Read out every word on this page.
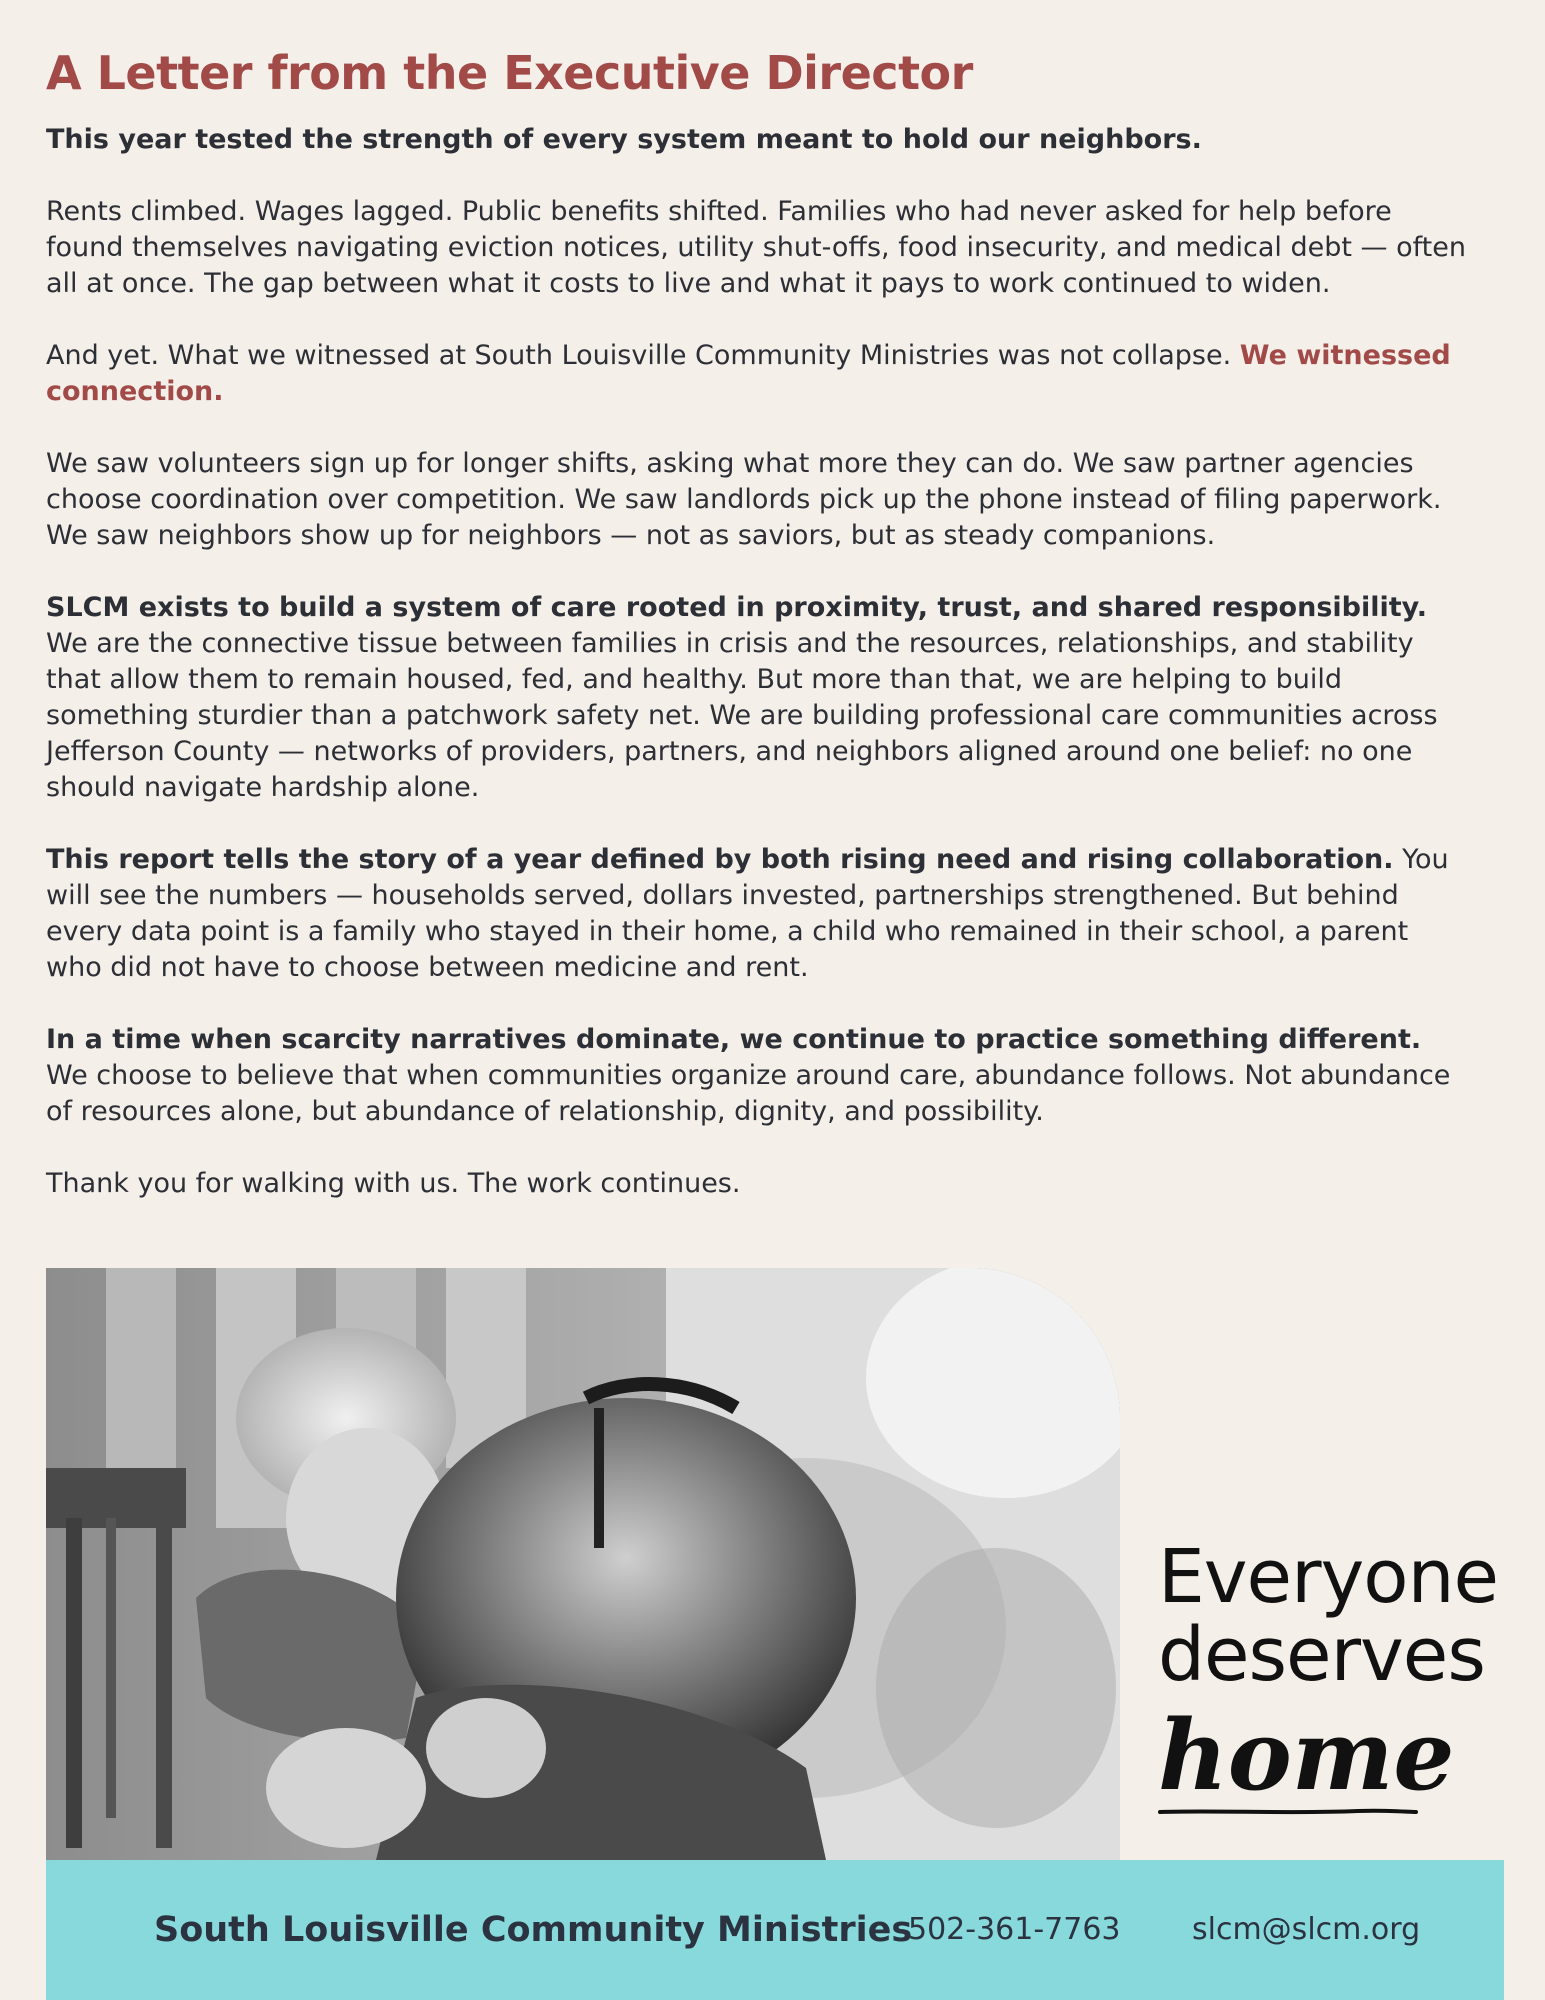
A Letter from the Executive Director

This year tested the strength of every system meant to hold our neighbors.

Rents climbed. Wages lagged. Public benefits shifted. Families who had never asked for help before found themselves navigating eviction notices, utility shut-offs, food insecurity, and medical debt — often all at once. The gap between what it costs to live and what it pays to work continued to widen.

And yet. What we witnessed at South Louisville Community Ministries was not collapse. We witnessed connection.

We saw volunteers sign up for longer shifts, asking what more they can do. We saw partner agencies choose coordination over competition. We saw landlords pick up the phone instead of filing paperwork. We saw neighbors show up for neighbors — not as saviors, but as steady companions.

SLCM exists to build a system of care rooted in proximity, trust, and shared responsibility. We are the connective tissue between families in crisis and the resources, relationships, and stability that allow them to remain housed, fed, and healthy. But more than that, we are helping to build something sturdier than a patchwork safety net. We are building professional care communities across Jefferson County — networks of providers, partners, and neighbors aligned around one belief: no one should navigate hardship alone.

This report tells the story of a year defined by both rising need and rising collaboration. You will see the numbers — households served, dollars invested, partnerships strengthened. But behind every data point is a family who stayed in their home, a child who remained in their school, a parent who did not have to choose between medicine and rent.

In a time when scarcity narratives dominate, we continue to practice something different. We choose to believe that when communities organize around care, abundance follows. Not abundance of resources alone, but abundance of relationship, dignity, and possibility.

Thank you for walking with us. The work continues.

Everyone
deserves
home
South Louisville Community Ministries
502-361-7763 slcm@slcm.org
